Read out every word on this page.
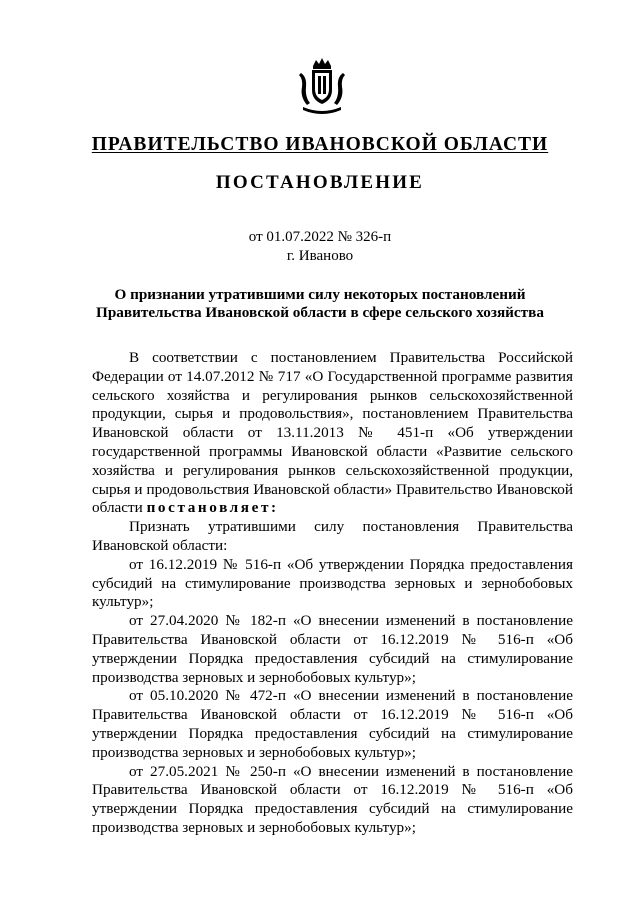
ПРАВИТЕЛЬСТВО ИВАНОВСКОЙ ОБЛАСТИ
ПОСТАНОВЛЕНИЕ
от 01.07.2022 № 326-п
г. Иваново
О признании утратившими силу некоторых постановлений
Правительства Ивановской области в сфере сельского хозяйства

В соответствии с постановлением Правительства Российской Федерации от 14.07.2012 № 717 «О Государственной программе развития сельского хозяйства и регулирования рынков сельскохозяйственной продукции, сырья и продовольствия», постановлением Правительства Ивановской области от 13.11.2013 № 451-п «Об утверждении государственной программы Ивановской области «Развитие сельского хозяйства и регулирования рынков сельскохозяйственной продукции, сырья и продовольствия Ивановской области» Правительство Ивановской области постановляет:

Признать утратившими силу постановления Правительства Ивановской области:

от 16.12.2019 № 516-п «Об утверждении Порядка предоставления субсидий на стимулирование производства зерновых и зернобобовых культур»;

от 27.04.2020 № 182-п «О внесении изменений в постановление Правительства Ивановской области от 16.12.2019 № 516-п «Об утверждении Порядка предоставления субсидий на стимулирование производства зерновых и зернобобовых культур»;

от 05.10.2020 № 472-п «О внесении изменений в постановление Правительства Ивановской области от 16.12.2019 № 516-п «Об утверждении Порядка предоставления субсидий на стимулирование производства зерновых и зернобобовых культур»;

от 27.05.2021 № 250-п «О внесении изменений в постановление Правительства Ивановской области от 16.12.2019 № 516-п «Об утверждении Порядка предоставления субсидий на стимулирование производства зерновых и зернобобовых культур»;
